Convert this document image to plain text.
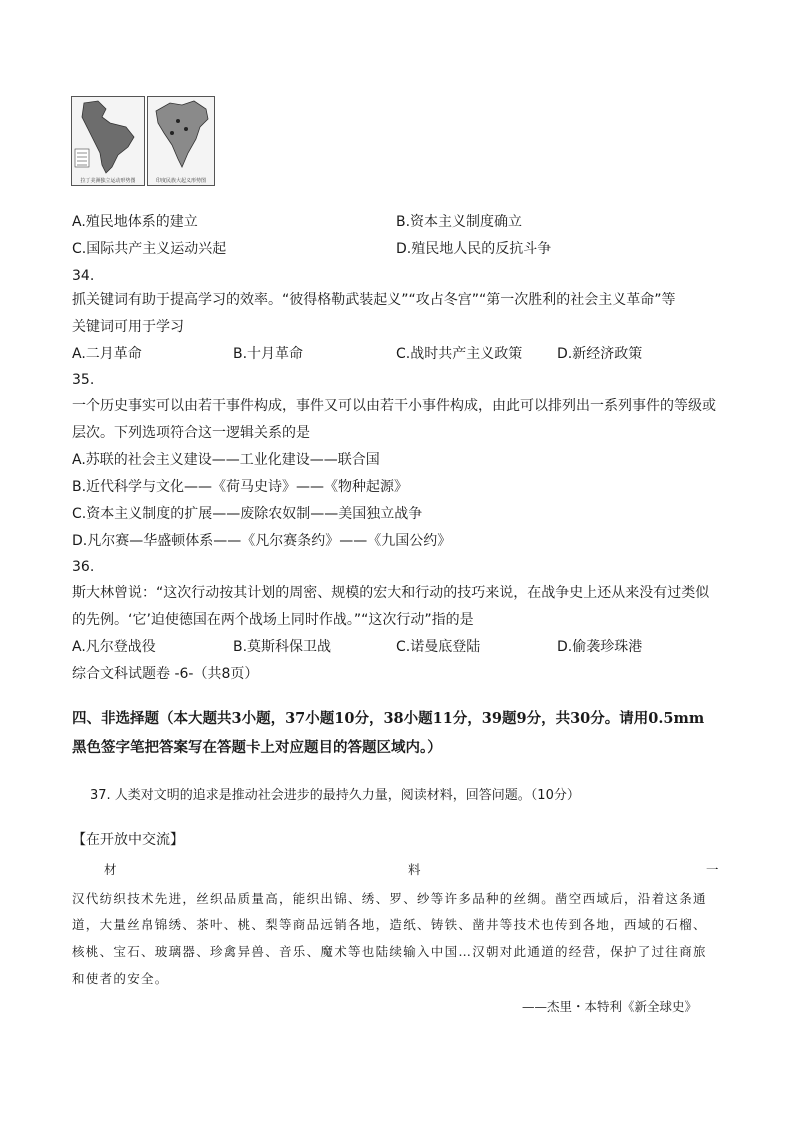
拉丁美洲独立运动形势图	印度民族大起义形势图
A.殖民地体系的建立	B.资本主义制度确立
C.国际共产主义运动兴起	D.殖民地人民的反抗斗争
34.
抓关键词有助于提高学习的效率。“彼得格勒武装起义”“攻占冬宫”“第一次胜利的社会主义革命”等
关键词可用于学习
A.二月革命	B.十月革命	C.战时共产主义政策 D.新经济政策
35.
一个历史事实可以由若干事件构成，事件又可以由若干小事件构成，由此可以排列出一系列事件的等级或
层次。下列选项符合这一逻辑关系的是
A.苏联的社会主义建设——工业化建设——联合国
B.近代科学与文化——《荷马史诗》——《物种起源》
C.资本主义制度的扩展——废除农奴制——美国独立战争
D.凡尔赛—华盛顿体系——《凡尔赛条约》——《九国公约》
36.
斯大林曾说：“这次行动按其计划的周密、规模的宏大和行动的技巧来说，在战争史上还从来没有过类似
的先例。‘它’迫使德国在两个战场上同时作战。”“这次行动”指的是
A.凡尔登战役	B.莫斯科保卫战	C.诺曼底登陆	D.偷袭珍珠港
综合文科试题卷 -6-（共8页）
四、非选择题（本大题共3小题，37小题10分，38小题11分，39题9分，共30分。请用0.5mm
黑色签字笔把答案写在答题卡上对应题目的答题区域内。）
37. 人类对文明的追求是推动社会进步的最持久力量，阅读材料，回答问题。（10分）
【在开放中交流】
材	料	一
汉代纺织技术先进，丝织品质量高，能织出锦、绣、罗、纱等许多品种的丝绸。凿空西域后，沿着这条通
道，大量丝帛锦绣、茶叶、桃、梨等商品远销各地，造纸、铸铁、凿井等技术也传到各地，西域的石榴、
核桃、宝石、玻璃器、珍禽异兽、音乐、魔术等也陆续输入中国…汉朝对此通道的经营，保护了过往商旅
和使者的安全。
——杰里・本特利《新全球史》
